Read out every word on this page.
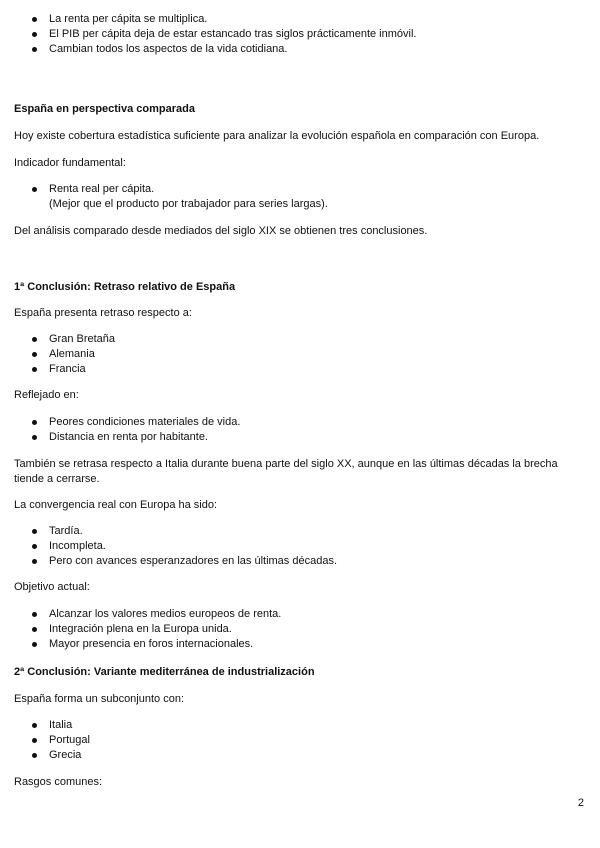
La renta per cápita se multiplica.
El PIB per cápita deja de estar estancado tras siglos prácticamente inmóvil.
Cambian todos los aspectos de la vida cotidiana.
España en perspectiva comparada
Hoy existe cobertura estadística suficiente para analizar la evolución española en comparación con Europa.
Indicador fundamental:
Renta real per cápita.
(Mejor que el producto por trabajador para series largas).
Del análisis comparado desde mediados del siglo XIX se obtienen tres conclusiones.
1ª Conclusión: Retraso relativo de España
España presenta retraso respecto a:
Gran Bretaña
Alemania
Francia
Reflejado en:
Peores condiciones materiales de vida.
Distancia en renta por habitante.
También se retrasa respecto a Italia durante buena parte del siglo XX, aunque en las últimas décadas la brecha tiende a cerrarse.
La convergencia real con Europa ha sido:
Tardía.
Incompleta.
Pero con avances esperanzadores en las últimas décadas.
Objetivo actual:
Alcanzar los valores medios europeos de renta.
Integración plena en la Europa unida.
Mayor presencia en foros internacionales.
2ª Conclusión: Variante mediterránea de industrialización
España forma un subconjunto con:
Italia
Portugal
Grecia
Rasgos comunes:
2
